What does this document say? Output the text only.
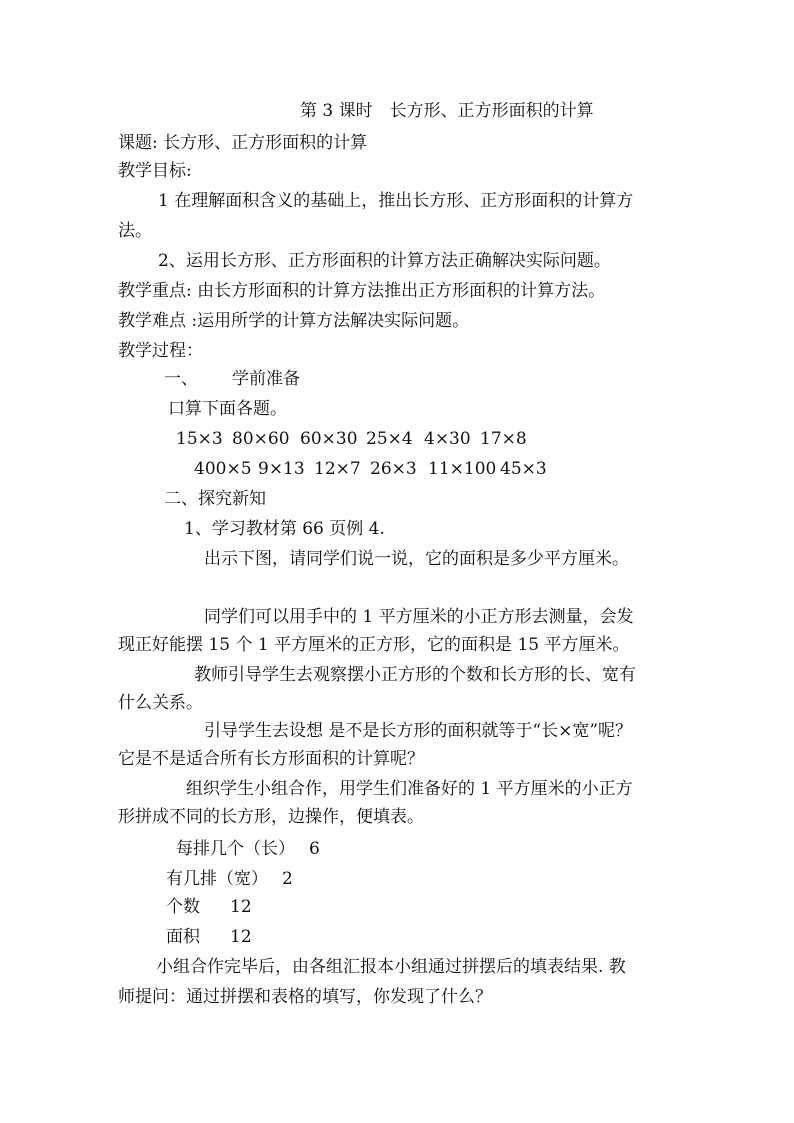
第 3 课时　长方形、正方形面积的计算
课题: 长方形、正方形面积的计算
教学目标:
1 在理解面积含义的基础上，推出长方形、正方形面积的计算方
法。
2、运用长方形、正方形面积的计算方法正确解决实际问题。
教学重点: 由长方形面积的计算方法推出正方形面积的计算方法。
教学难点 :运用所学的计算方法解决实际问题。
教学过程：
一、 学前准备
口算下面各题。
15×3 80×60 60×30 25×4 4×30 17×8
400×5 9×13 12×7 26×3 11×100 45×3
二、探究新知
1、学习教材第 66 页例 4.
出示下图，请同学们说一说，它的面积是多少平方厘米。
同学们可以用手中的 1 平方厘米的小正方形去测量，会发
现正好能摆 15 个 1 平方厘米的正方形，它的面积是 15 平方厘米。
教师引导学生去观察摆小正方形的个数和长方形的长、宽有
什么关系。
引导学生去设想 是不是长方形的面积就等于“长×宽”呢？
它是不是适合所有长方形面积的计算呢？
组织学生小组合作，用学生们准备好的 1 平方厘米的小正方
形拼成不同的长方形，边操作，便填表。
每排几个（长） 6
有几排（宽） 2
个数 12
面积 12
小组合作完毕后，由各组汇报本小组通过拼摆后的填表结果. 教
师提问：通过拼摆和表格的填写，你发现了什么？
